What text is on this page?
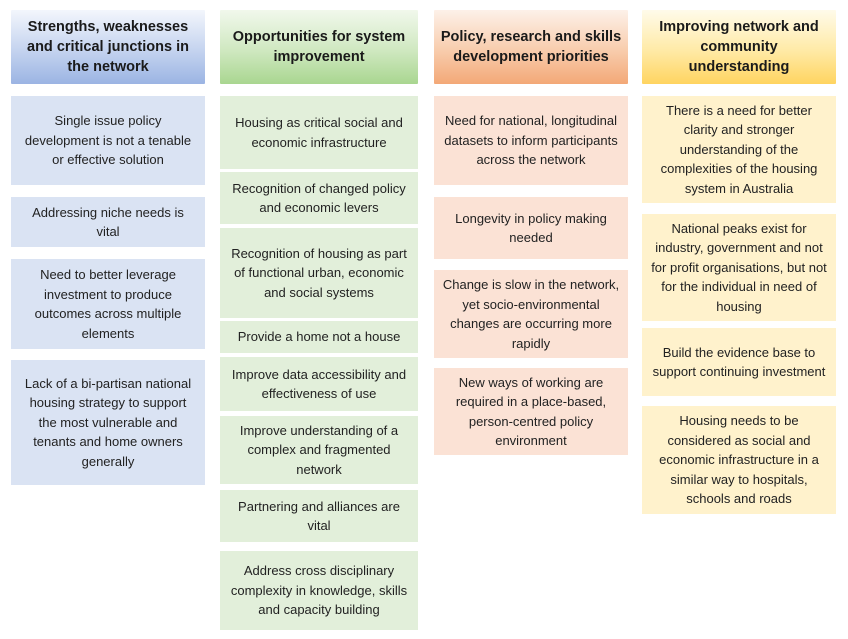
Strengths, weaknesses and critical junctions in the network
Single issue policy development is not a tenable or effective solution
Addressing niche needs is vital
Need to better leverage investment to produce outcomes across multiple elements
Lack of a bi-partisan national housing strategy to support the most vulnerable and tenants and home owners generally
Opportunities for system improvement
Housing as critical social and economic infrastructure
Recognition of changed policy and economic levers
Recognition of housing as part of functional urban, economic and social systems
Provide a home not a house
Improve data accessibility and effectiveness of use
Improve understanding of a complex and fragmented network
Partnering and alliances are vital
Address cross disciplinary complexity in knowledge, skills and capacity building
Policy, research and skills development priorities
Need for national, longitudinal datasets to inform participants across the network
Longevity in policy making needed
Change is slow in the network, yet socio-environmental changes are occurring more rapidly
New ways of working are required in a place-based, person-centred policy environment
Improving network and community understanding
There is a need for better clarity and stronger understanding of the complexities of the housing system in Australia
National peaks exist for industry, government and not for profit organisations, but not for the individual in need of housing
Build the evidence base to support continuing investment
Housing needs to be considered as social and economic infrastructure in a similar way to hospitals, schools and roads
